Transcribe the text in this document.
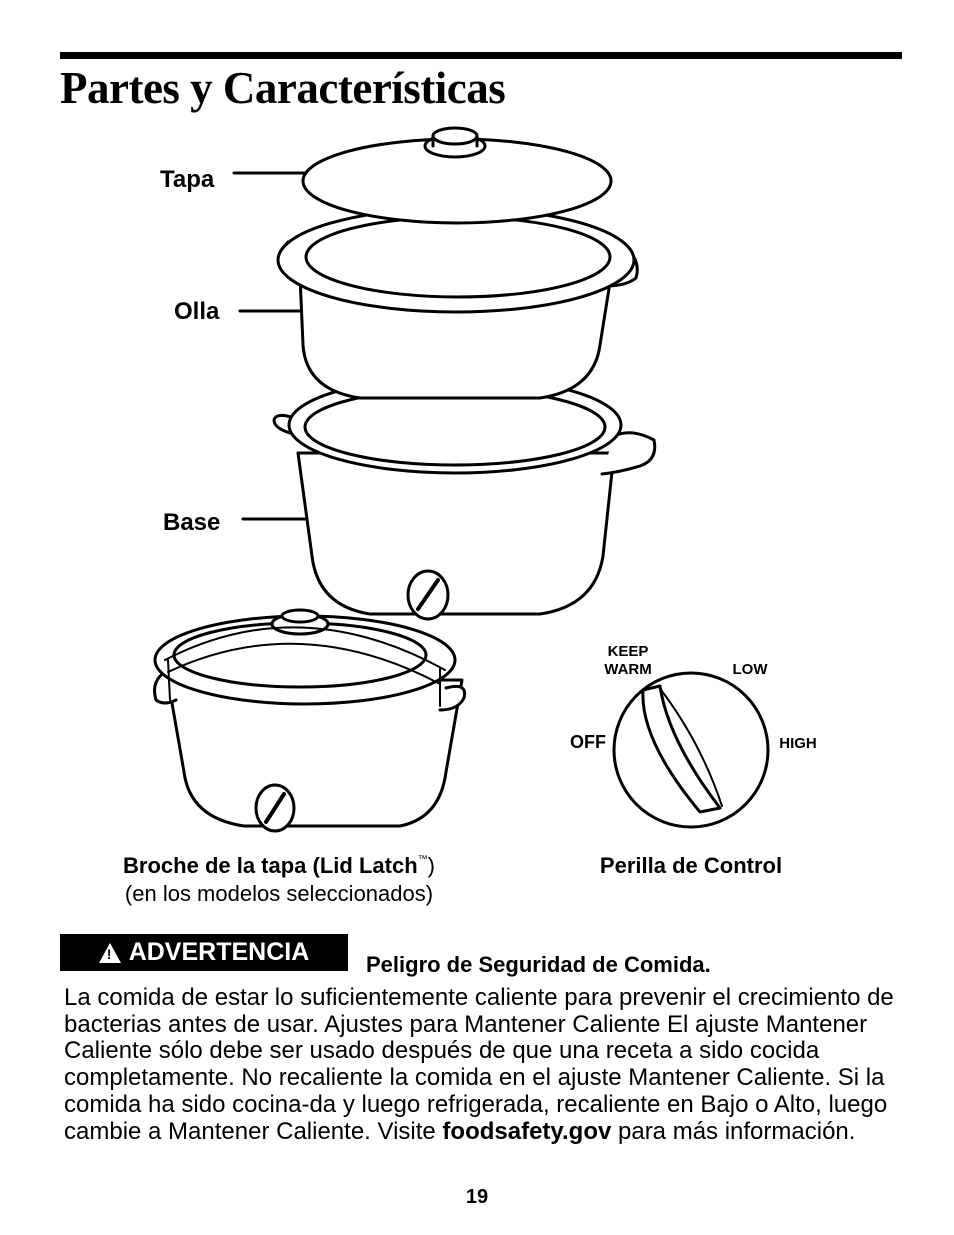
Partes y Características
KEEP
WARM	LOW
OFF	HIGH
Tapa
Olla
Base
Broche de la tapa (Lid Latch™)
(en los modelos seleccionados)
Perilla de Control
!
ADVERTENCIA	Peligro de Seguridad de Comida.

La comida de estar lo suficientemente caliente para prevenir el crecimiento de bacterias antes de usar. Ajustes para Mantener Caliente El ajuste Mantener Caliente sólo debe ser usado después de que una receta a sido cocida completamente. No recaliente la comida en el ajuste Mantener Caliente. Si la comida ha sido cocina-da y luego refrigerada, recaliente en Bajo o Alto, luego cambie a Mantener Caliente. Visite foodsafety.gov para más información.

19
